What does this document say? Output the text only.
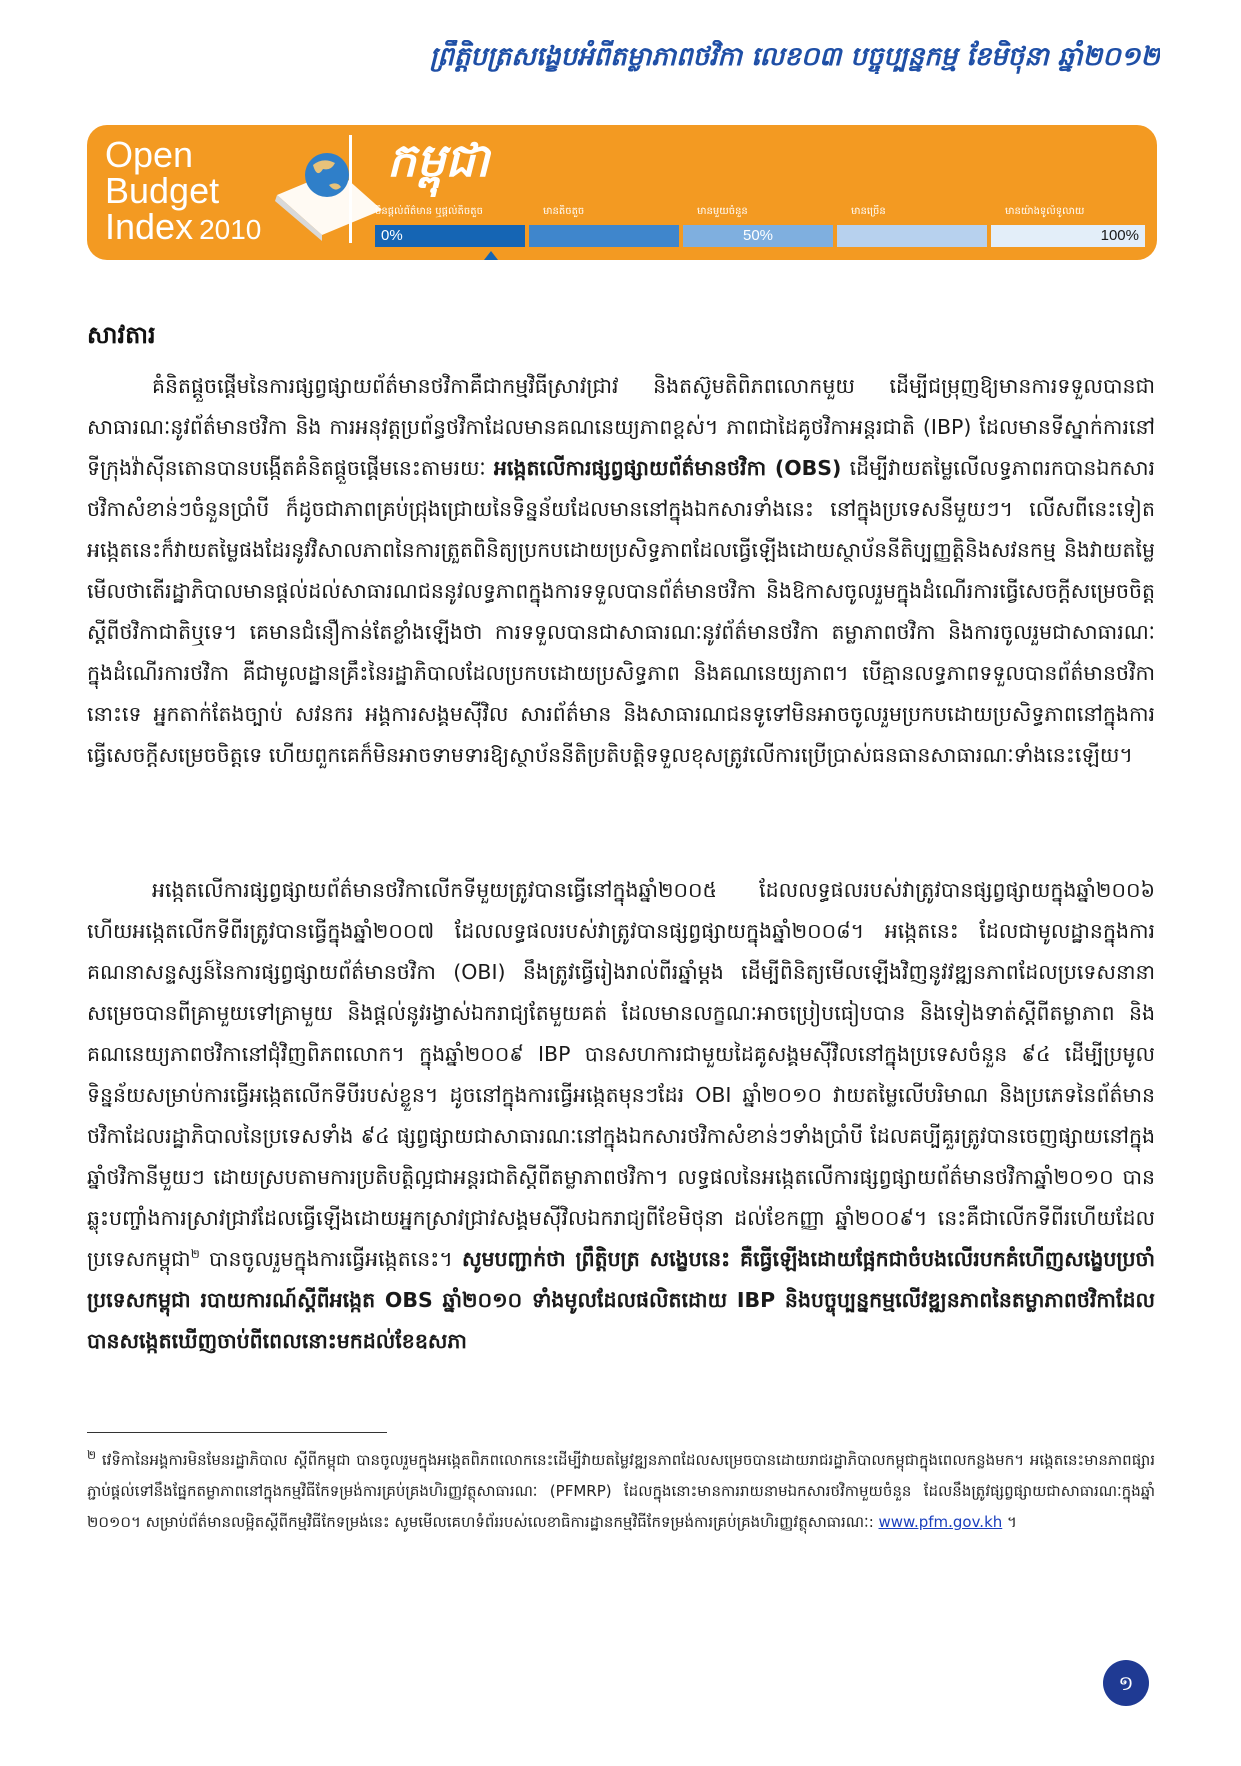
ព្រឹត្តិបត្រសង្ខេបអំពីតម្លាភាពថវិកា លេខ០៣ បច្ចុប្បន្នកម្ម ខែមិថុនា ឆ្នាំ២០១២
Open
Budget
Index 2010
កម្ពុជា
មិនផ្តល់ព័ត៌មាន ឬផ្តល់តិចតួច	មានតិចតួច	មានមួយចំនួន	មានច្រើន	មានយ៉ាងទូលំទូលាយ
0%	50%	100%
សាវតារ

គំនិតផ្តួចផ្តើមនៃការផ្សព្វផ្សាយព័ត៌មានថវិកាគឺជាកម្មវិធីស្រាវជ្រាវ និងតស៊ូមតិពិភពលោកមួយ ដើម្បីជម្រុញឱ្យមានការទទួលបានជាសាធារណៈនូវព័ត៌មានថវិកា និង ការអនុវត្តប្រព័ន្ធថវិកាដែលមានគណនេយ្យភាពខ្ពស់។ ភាពជាដៃគូថវិកាអន្តរជាតិ (IBP) ដែលមានទីស្នាក់ការនៅទីក្រុងវ៉ាស៊ីនតោនបានបង្កើតគំនិតផ្តួចផ្តើមនេះតាមរយៈ អង្កេតលើការផ្សព្វផ្សាយព័ត៌មានថវិកា (OBS) ដើម្បីវាយតម្លៃលើលទ្ធភាពរកបានឯកសារថវិកាសំខាន់ៗចំនួនប្រាំបី ក៏ដូចជាភាពគ្រប់ជ្រុងជ្រោយនៃទិន្នន័យដែលមាននៅក្នុងឯកសារទាំងនេះ នៅក្នុងប្រទេសនីមួយៗ។ លើសពីនេះទៀត អង្កេតនេះក៏វាយតម្លៃផងដែរនូវវិសាលភាពនៃការត្រួតពិនិត្យប្រកបដោយប្រសិទ្ធភាពដែលធ្វើឡើងដោយស្ថាប័ននីតិប្បញ្ញត្តិនិងសវនកម្ម និងវាយតម្លៃមើលថាតើរដ្ឋាភិបាលមានផ្តល់ដល់សាធារណជននូវលទ្ធភាពក្នុងការទទួលបានព័ត៌មានថវិកា និងឱកាសចូលរួមក្នុងដំណើរការធ្វើសេចក្តីសម្រេចចិត្តស្តីពីថវិកាជាតិឬទេ។ គេមានជំនឿកាន់តែខ្លាំងឡើងថា ការទទួលបានជាសាធារណៈនូវព័ត៌មានថវិកា តម្លាភាពថវិកា និងការចូលរួមជាសាធារណៈក្នុងដំណើរការថវិកា គឺជាមូលដ្ឋានគ្រឹះនៃរដ្ឋាភិបាលដែលប្រកបដោយប្រសិទ្ធភាព និងគណនេយ្យភាព។ បើគ្មានលទ្ធភាពទទួលបានព័ត៌មានថវិកានោះទេ អ្នកតាក់តែងច្បាប់ សវនករ អង្គការសង្គមស៊ីវិល សារព័ត៌មាន និងសាធារណជនទូទៅមិនអាចចូលរួមប្រកបដោយប្រសិទ្ធភាពនៅក្នុងការធ្វើសេចក្តីសម្រេចចិត្តទេ ហើយពួកគេក៏មិនអាចទាមទារឱ្យស្ថាប័ននីតិប្រតិបត្តិទទួលខុសត្រូវលើការប្រើប្រាស់ធនធានសាធារណៈទាំងនេះឡើយ។

អង្កេតលើការផ្សព្វផ្សាយព័ត៌មានថវិកាលើកទីមួយត្រូវបានធ្វើនៅក្នុងឆ្នាំ២០០៥ ដែលលទ្ធផលរបស់វាត្រូវបានផ្សព្វផ្សាយក្នុងឆ្នាំ២០០៦ ហើយអង្កេតលើកទីពីរត្រូវបានធ្វើក្នុងឆ្នាំ២០០៧ ដែលលទ្ធផលរបស់វាត្រូវបានផ្សព្វផ្សាយក្នុងឆ្នាំ២០០៨។ អង្កេតនេះ ដែលជាមូលដ្ឋានក្នុងការគណនាសន្ទស្សន៍នៃការផ្សព្វផ្សាយព័ត៌មានថវិកា (OBI) នឹងត្រូវធ្វើរៀងរាល់ពីរឆ្នាំម្តង ដើម្បីពិនិត្យមើលឡើងវិញនូវវឌ្ឍនភាពដែលប្រទេសនានាសម្រេចបានពីគ្រាមួយទៅគ្រាមួយ និងផ្តល់នូវរង្វាស់ឯករាជ្យតែមួយគត់ ដែលមានលក្ខណៈអាចប្រៀបធៀបបាន និងទៀងទាត់ស្តីពីតម្លាភាព និងគណនេយ្យភាពថវិកានៅជុំវិញពិភពលោក។ ក្នុងឆ្នាំ២០០៩ IBP បានសហការជាមួយដៃគូសង្គមស៊ីវិលនៅក្នុងប្រទេសចំនួន ៩៤ ដើម្បីប្រមូលទិន្នន័យសម្រាប់ការធ្វើអង្កេតលើកទីបីរបស់ខ្លួន។ ដូចនៅក្នុងការធ្វើអង្កេតមុនៗដែរ OBI ឆ្នាំ២០១០ វាយតម្លៃលើបរិមាណ និងប្រភេទនៃព័ត៌មានថវិកាដែលរដ្ឋាភិបាលនៃប្រទេសទាំង ៩៤ ផ្សព្វផ្សាយជាសាធារណៈនៅក្នុងឯកសារថវិកាសំខាន់ៗទាំងប្រាំបី ដែលគប្បីគួរត្រូវបានចេញផ្សាយនៅក្នុងឆ្នាំថវិកានីមួយៗ ដោយស្របតាមការប្រតិបត្តិល្អជាអន្តរជាតិស្តីពីតម្លាភាពថវិកា។ លទ្ធផលនៃអង្កេតលើការផ្សព្វផ្សាយព័ត៌មានថវិកាឆ្នាំ២០១០ បានឆ្លុះបញ្ចាំងការស្រាវជ្រាវដែលធ្វើឡើងដោយអ្នកស្រាវជ្រាវសង្គមស៊ីវិលឯករាជ្យពីខែមិថុនា ដល់ខែកញ្ញា ឆ្នាំ២០០៩។ នេះគឺជាលើកទីពីរហើយដែលប្រទេសកម្ពុជា$^២$ បានចូលរួមក្នុងការធ្វើអង្កេតនេះ។ សូមបញ្ជាក់ថា ព្រឹត្តិបត្រ សង្ខេបនេះ គឺធ្វើឡើងដោយផ្អែកជាចំបងលើរបកគំហើញសង្ខេបប្រចាំប្រទេសកម្ពុជា របាយការណ៍ស្តីពីអង្កេត OBS ឆ្នាំ២០១០ ទាំងមូលដែលផលិតដោយ IBP និងបច្ចុប្បន្នកម្មលើវឌ្ឍនភាពនៃតម្លាភាពថវិកាដែលបានសង្កេតឃើញចាប់ពីពេលនោះមកដល់ខែឧសភា

$^២$ វេទិកានៃអង្គការមិនមែនរដ្ឋាភិបាល ស្តីពីកម្ពុជា បានចូលរួមក្នុងអង្កេតពិភពលោកនេះដើម្បីវាយតម្លៃវឌ្ឍនភាពដែលសម្រេចបានដោយរាជរដ្ឋាភិបាលកម្ពុជាក្នុងពេលកន្លងមក។ អង្កេតនេះមានភាពផ្សារភ្ជាប់ផ្តល់ទៅនឹងផ្នែកតម្លាភាពនៅក្នុងកម្មវិធីកែទម្រង់ការគ្រប់គ្រងហិរញ្ញវត្ថុសាធារណៈ (PFMRP) ដែលក្នុងនោះមានការរាយនាមឯកសារថវិកាមួយចំនួន ដែលនឹងត្រូវផ្សព្វផ្សាយជាសាធារណៈក្នុងឆ្នាំ ២០១០។ សម្រាប់ព័ត៌មានលម្អិតស្តីពីកម្មវិធីកែទម្រង់នេះ សូមមើលគេហទំព័ររបស់លេខាធិការដ្ឋានកម្មវិធីកែទម្រង់ការគ្រប់គ្រងហិរញ្ញវត្ថុសាធារណៈ: www.pfm.gov.kh ។

១
